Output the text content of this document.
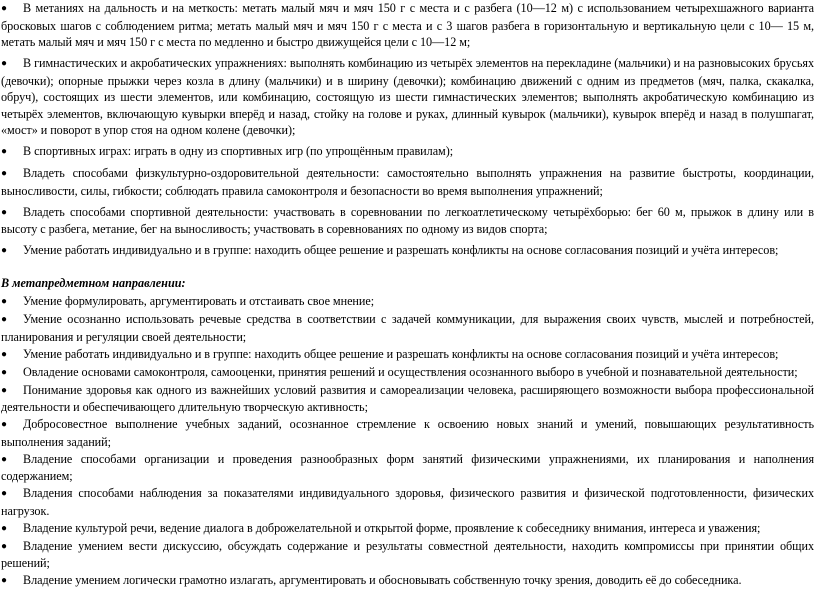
● В метаниях на дальность и на меткость: метать малый мяч и мяч 150 г с места и с разбега (10—12 м) с использованием четырехшажного варианта бросковых шагов с соблюдением ритма; метать малый мяч и мяч 150 г с места и с 3 шагов разбега в горизонтальную и вертикальную цели с 10— 15 м, метать малый мяч и мяч 150 г с места по медленно и быстро движущейся цели с 10—12 м;

● В гимнастических и акробатических упражнениях: выполнять комбинацию из четырёх элементов на перекладине (мальчики) и на разновысоких брусьях (девочки); опорные прыжки через козла в длину (мальчики) и в ширину (девочки); комбинацию движений с одним из предметов (мяч, палка, скакалка, обруч), состоящих из шести элементов, или комбинацию, состоящую из шести гимнастических элементов; выполнять акробатическую комбинацию из четырёх элементов, включающую кувырки вперёд и назад, стойку на голове и руках, длинный кувырок (мальчики), кувырок вперёд и назад в полушпагат, «мост» и поворот в упор стоя на одном колене (девочки);

● В спортивных играх: играть в одну из спортивных игр (по упрощённым правилам);

● Владеть способами физкультурно-оздоровительной деятельности: самостоятельно выполнять упражнения на развитие быстроты, координации, выносливости, силы, гибкости; соблюдать правила самоконтроля и безопасности во время выполнения упражнений;

● Владеть способами спортивной деятельности: участвовать в соревновании по легкоатлетическому четырёхборью: бег 60 м, прыжок в длину или в высоту с разбега, метание, бег на выносливость; участвовать в соревнованиях по одному из видов спорта;

● Умение работать индивидуально и в группе: находить общее решение и разрешать конфликты на основе согласования позиций и учёта интересов;

В метапредметном направлении:

● Умение формулировать, аргументировать и отстаивать свое мнение;

● Умение осознанно использовать речевые средства в соответствии с задачей коммуникации, для выражения своих чувств, мыслей и потребностей, планирования и регуляции своей деятельности;

● Умение работать индивидуально и в группе: находить общее решение и разрешать конфликты на основе согласования позиций и учёта интересов;

● Овладение основами самоконтроля, самооценки, принятия решений и осуществления осознанного выборо в учебной и познавательной деятельности;

● Понимание здоровья как одного из важнейших условий развития и самореализации человека, расширяющего возможности выбора профессиональной деятельности и обеспечивающего длительную творческую активность;

● Добросовестное выполнение учебных заданий, осознанное стремление к освоению новых знаний и умений, повышающих результативность выполнения заданий;

● Владение способами организации и проведения разнообразных форм занятий физическими упражнениями, их планирования и наполнения содержанием;

● Владения способами наблюдения за показателями индивидуального здоровья, физического развития и физической подготовленности, физических нагрузок.

● Владение культурой речи, ведение диалога в доброжелательной и открытой форме, проявление к собеседнику внимания, интереса и уважения;

● Владение умением вести дискуссию, обсуждать содержание и результаты совместной деятельности, находить компромиссы при принятии общих решений;

● Владение умением логически грамотно излагать, аргументировать и обосновывать собственную точку зрения, доводить её до собеседника.
